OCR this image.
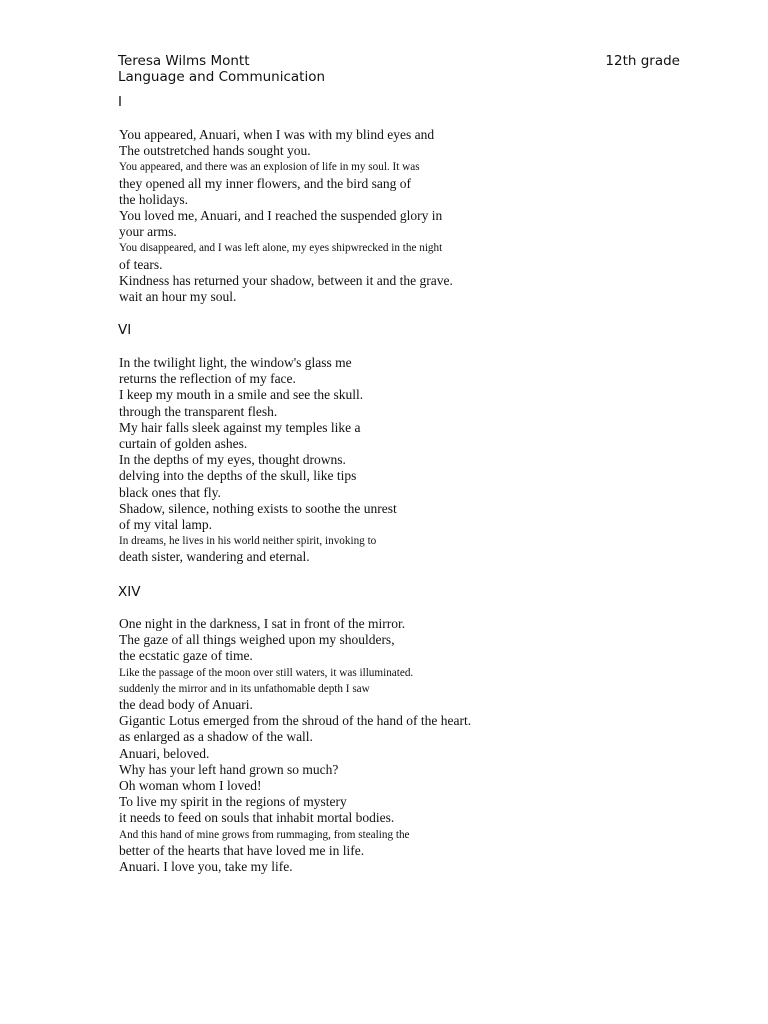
Teresa Wilms Montt	12th grade
Language and Communication
I
You appeared, Anuari, when I was with my blind eyes and
The outstretched hands sought you.
You appeared, and there was an explosion of life in my soul. It was
they opened all my inner flowers, and the bird sang of
the holidays.
You loved me, Anuari, and I reached the suspended glory in
your arms.
You disappeared, and I was left alone, my eyes shipwrecked in the night
of tears.
Kindness has returned your shadow, between it and the grave.
wait an hour my soul.
VI
In the twilight light, the window's glass me
returns the reflection of my face.
I keep my mouth in a smile and see the skull.
through the transparent flesh.
My hair falls sleek against my temples like a
curtain of golden ashes.
In the depths of my eyes, thought drowns.
delving into the depths of the skull, like tips
black ones that fly.
Shadow, silence, nothing exists to soothe the unrest
of my vital lamp.
In dreams, he lives in his world neither spirit, invoking to
death sister, wandering and eternal.
XIV
One night in the darkness, I sat in front of the mirror.
The gaze of all things weighed upon my shoulders,
the ecstatic gaze of time.
Like the passage of the moon over still waters, it was illuminated.
suddenly the mirror and in its unfathomable depth I saw
the dead body of Anuari.
Gigantic Lotus emerged from the shroud of the hand of the heart.
as enlarged as a shadow of the wall.
Anuari, beloved.
Why has your left hand grown so much?
Oh woman whom I loved!
To live my spirit in the regions of mystery
it needs to feed on souls that inhabit mortal bodies.
And this hand of mine grows from rummaging, from stealing the
better of the hearts that have loved me in life.
Anuari. I love you, take my life.
